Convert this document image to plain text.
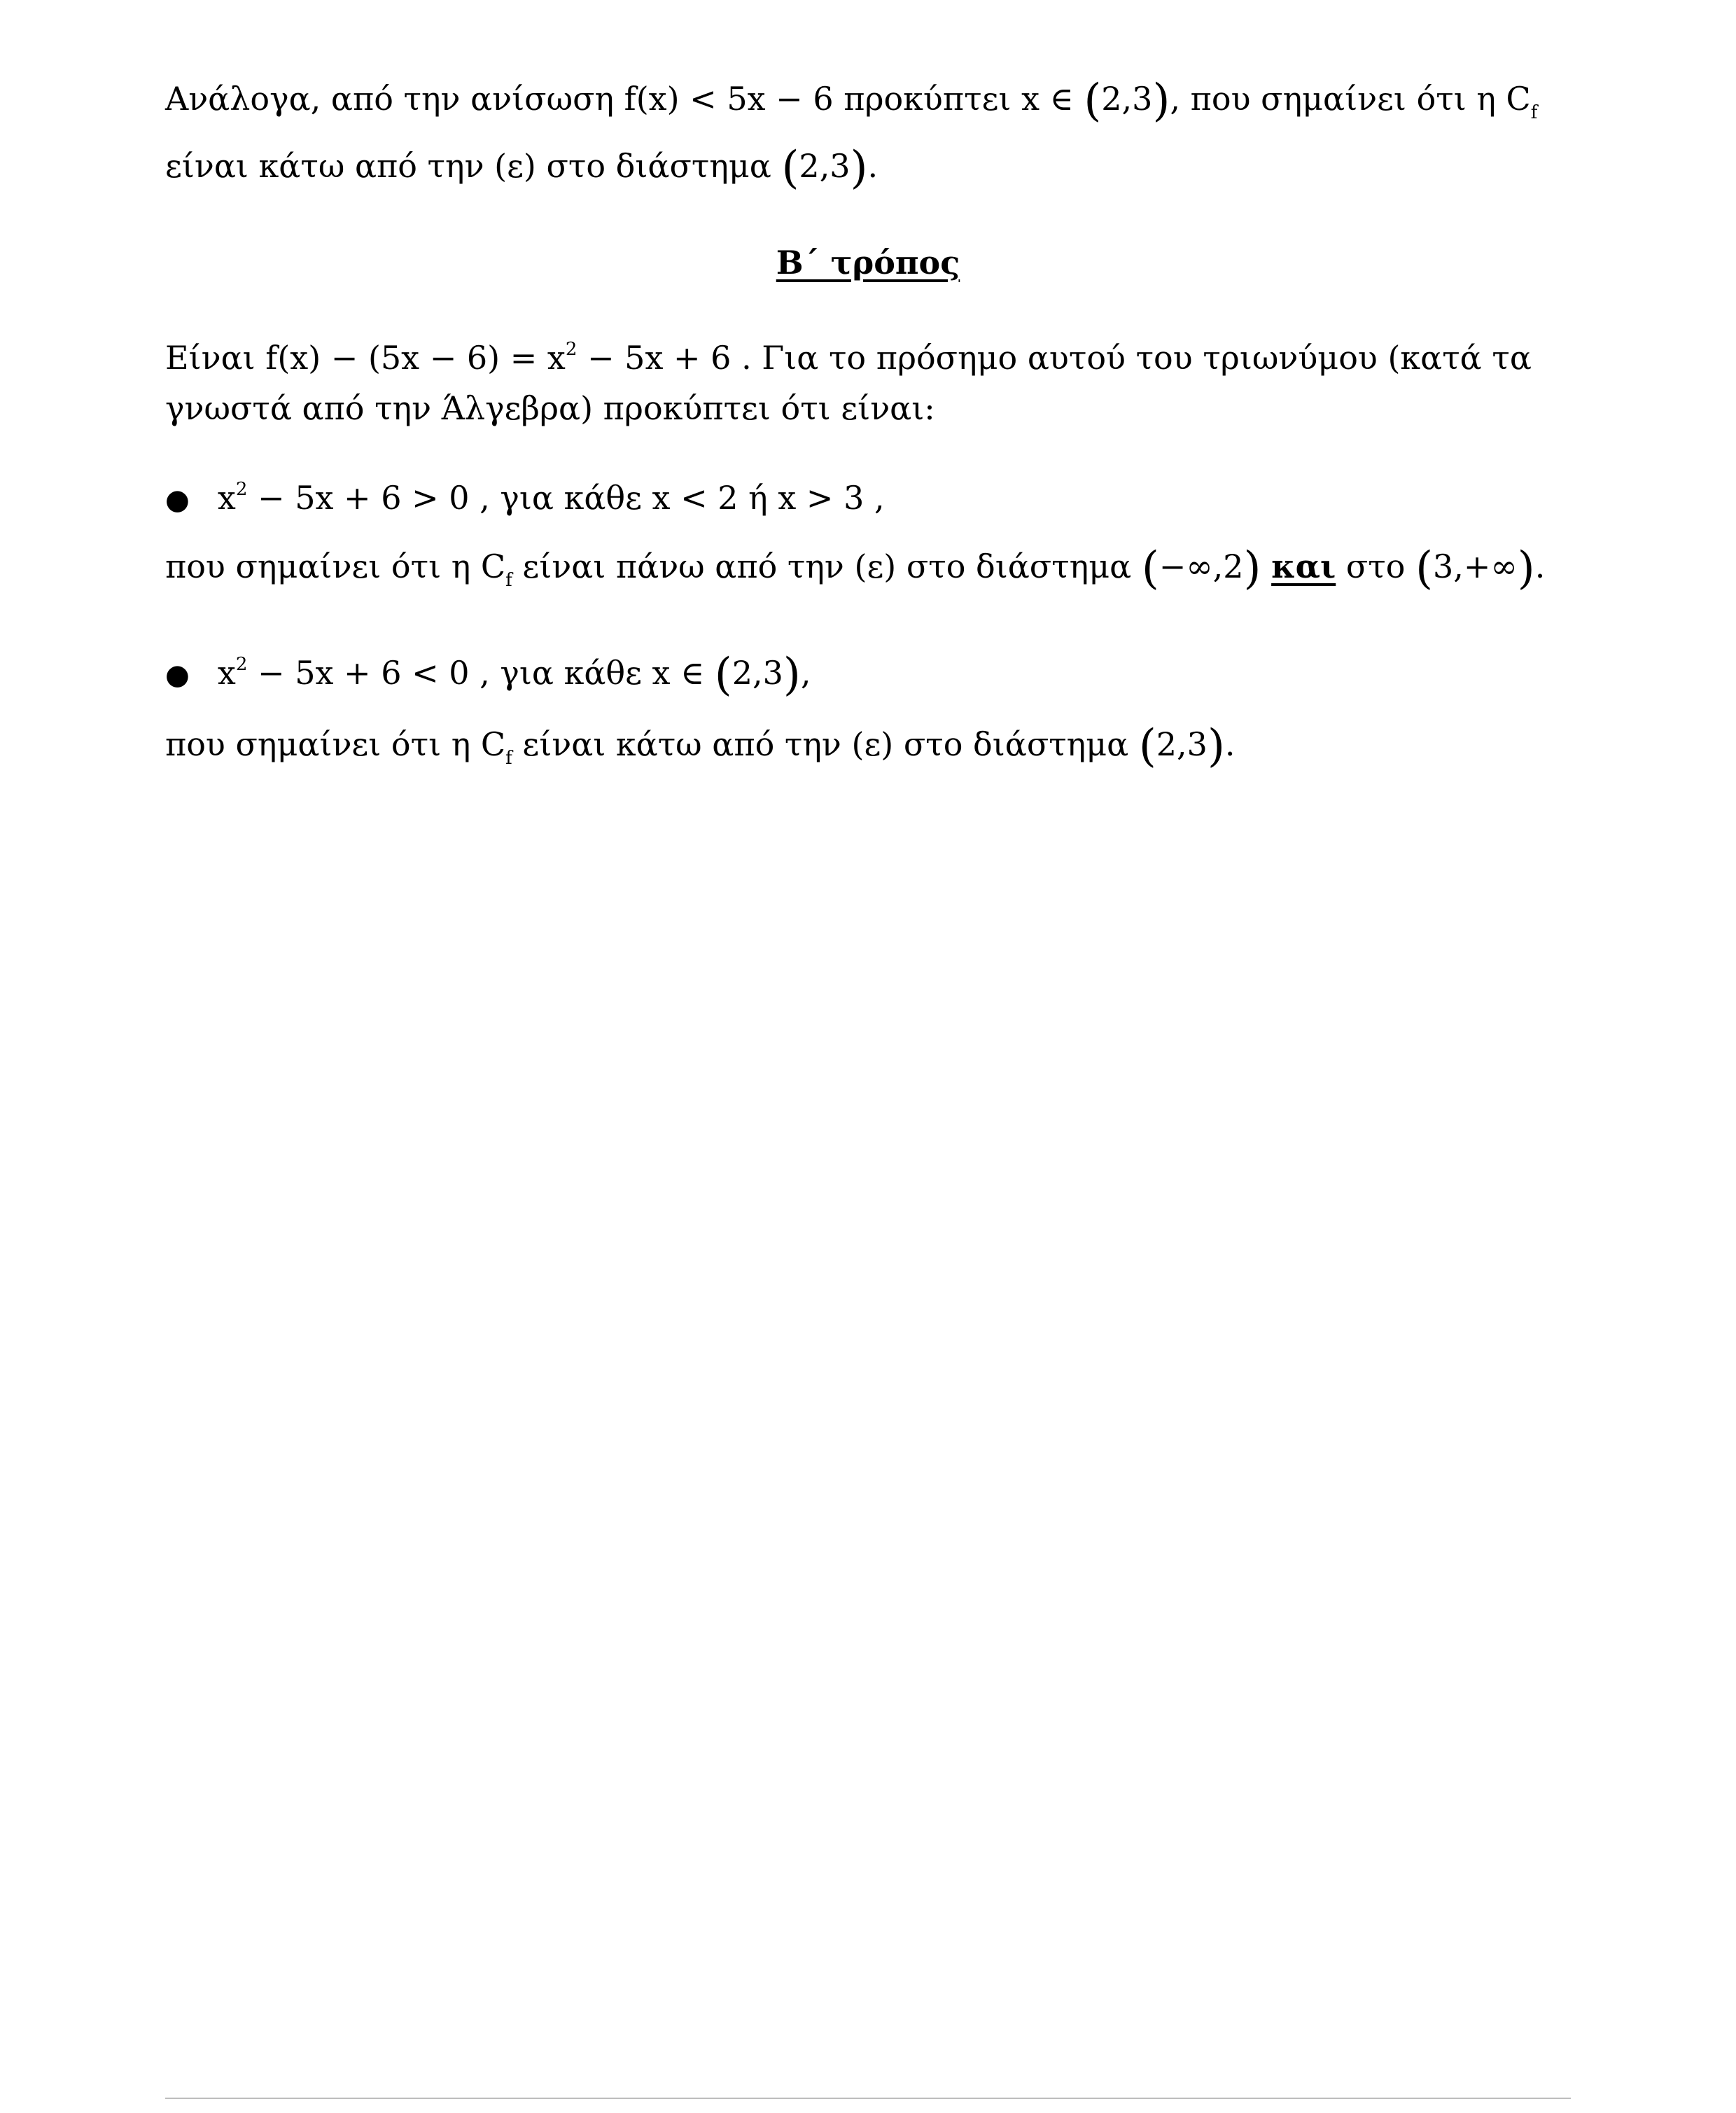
Ανάλογα, από την ανίσωση f(x) < 5x − 6 προκύπτει x ∈ (2,3), που σημαίνει ότι η $C_f$
είναι κάτω από την (ε) στο διάστημα (2,3).
Β΄ τρόπος
Είναι $f(x) - (5x - 6) = x^2 - 5x + 6$ . Για το πρόσημο αυτού του τριωνύμου (κατά τα
γνωστά από την Άλγεβρα) προκύπτει ότι είναι:
● $x^2 - 5x + 6 > 0$ , για κάθε x < 2 ή x > 3 ,
που σημαίνει ότι η $C_f$ είναι πάνω από την (ε) στο διάστημα (−∞,2) και στο (3,+∞).
● $x^2 - 5x + 6 < 0$ , για κάθε x ∈ (2,3),
που σημαίνει ότι η $C_f$ είναι κάτω από την (ε) στο διάστημα (2,3).
